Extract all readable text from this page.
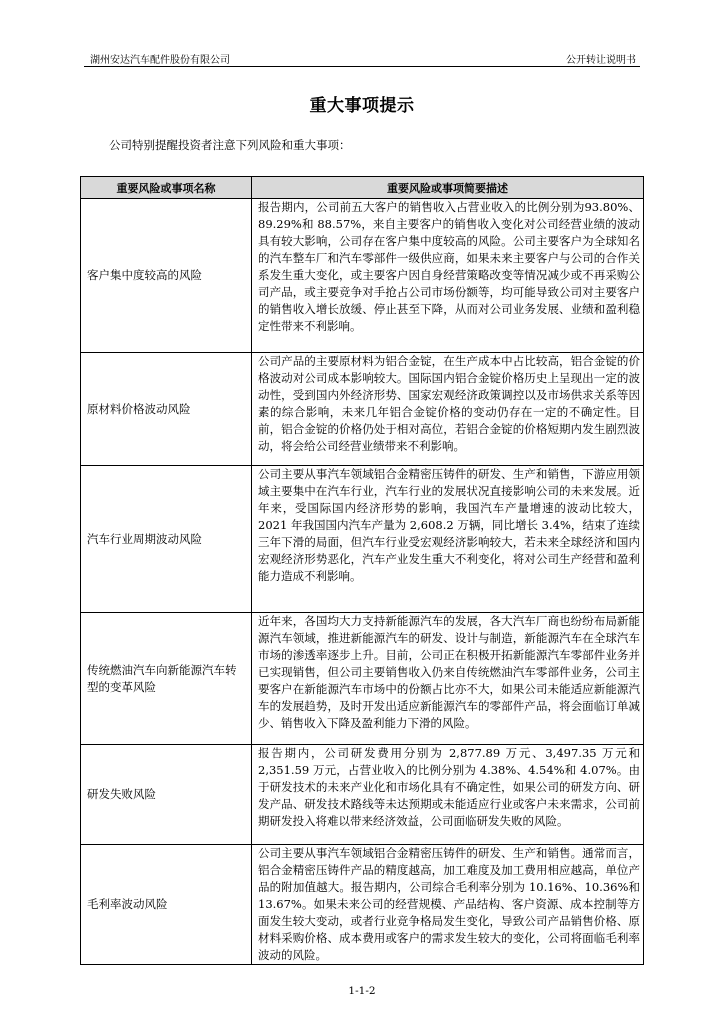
湖州安达汽车配件股份有限公司	公开转让说明书
重大事项提示
公司特别提醒投资者注意下列风险和重大事项：
重要风险或事项名称	重要风险或事项简要描述
客户集中度较高的风险	报告期内，公司前五大客户的销售收入占营业收入的比例分别为93.80%、89.29%和 88.57%，来自主要客户的销售收入变化对公司经营业绩的波动具有较大影响，公司存在客户集中度较高的风险。公司主要客户为全球知名的汽车整车厂和汽车零部件一级供应商，如果未来主要客户与公司的合作关系发生重大变化，或主要客户因自身经营策略改变等情况减少或不再采购公司产品，或主要竞争对手抢占公司市场份额等，均可能导致公司对主要客户的销售收入增长放缓、停止甚至下降，从而对公司业务发展、业绩和盈利稳定性带来不利影响。
原材料价格波动风险	公司产品的主要原材料为铝合金锭，在生产成本中占比较高，铝合金锭的价格波动对公司成本影响较大。国际国内铝合金锭价格历史上呈现出一定的波动性，受到国内外经济形势、国家宏观经济政策调控以及市场供求关系等因素的综合影响，未来几年铝合金锭价格的变动仍存在一定的不确定性。目前，铝合金锭的价格仍处于相对高位，若铝合金锭的价格短期内发生剧烈波动，将会给公司经营业绩带来不利影响。
汽车行业周期波动风险	公司主要从事汽车领域铝合金精密压铸件的研发、生产和销售，下游应用领域主要集中在汽车行业，汽车行业的发展状况直接影响公司的未来发展。近年来，受国际国内经济形势的影响，我国汽车产量增速的波动比较大，2021 年我国国内汽车产量为 2,608.2 万辆，同比增长 3.4%，结束了连续三年下滑的局面，但汽车行业受宏观经济影响较大，若未来全球经济和国内宏观经济形势恶化，汽车产业发生重大不利变化，将对公司生产经营和盈利能力造成不利影响。
传统燃油汽车向新能源汽车转型的变革风险	近年来，各国均大力支持新能源汽车的发展，各大汽车厂商也纷纷布局新能源汽车领域，推进新能源汽车的研发、设计与制造，新能源汽车在全球汽车市场的渗透率逐步上升。目前，公司正在积极开拓新能源汽车零部件业务并已实现销售，但公司主要销售收入仍来自传统燃油汽车零部件业务，公司主要客户在新能源汽车市场中的份额占比亦不大，如果公司未能适应新能源汽车的发展趋势，及时开发出适应新能源汽车的零部件产品，将会面临订单减少、销售收入下降及盈利能力下滑的风险。
研发失败风险	报告期内，公司研发费用分别为 2,877.89 万元、3,497.35 万元和2,351.59 万元，占营业收入的比例分别为 4.38%、4.54%和 4.07%。由于研发技术的未来产业化和市场化具有不确定性，如果公司的研发方向、研发产品、研发技术路线等未达预期或未能适应行业或客户未来需求，公司前期研发投入将难以带来经济效益，公司面临研发失败的风险。
毛利率波动风险	公司主要从事汽车领域铝合金精密压铸件的研发、生产和销售。通常而言，铝合金精密压铸件产品的精度越高，加工难度及加工费用相应越高，单位产品的附加值越大。报告期内，公司综合毛利率分别为 10.16%、10.36%和 13.67%。如果未来公司的经营规模、产品结构、客户资源、成本控制等方面发生较大变动，或者行业竞争格局发生变化，导致公司产品销售价格、原材料采购价格、成本费用或客户的需求发生较大的变化，公司将面临毛利率波动的风险。
1-1-2
